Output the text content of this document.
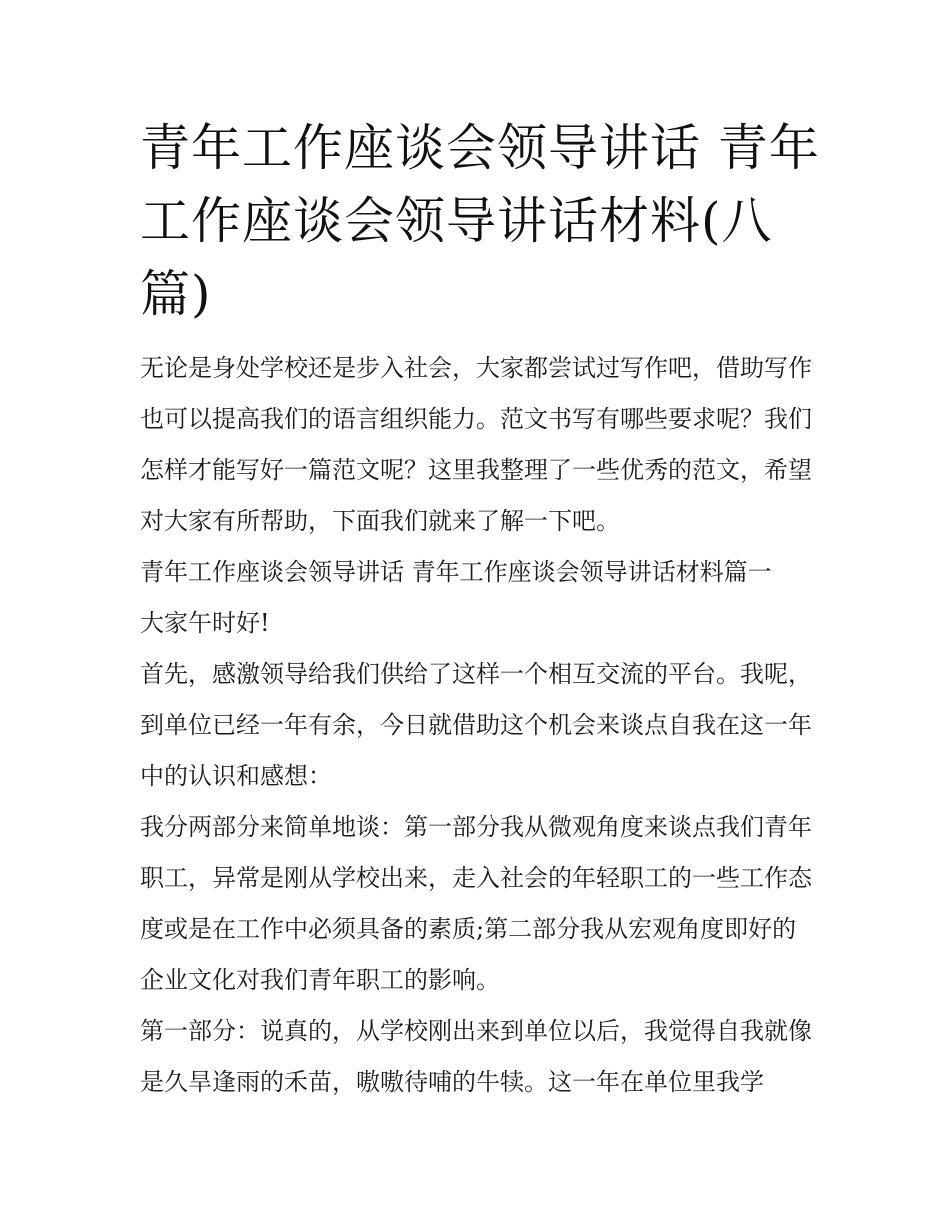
青年工作座谈会领导讲话 青年工作座谈会领导讲话材料(八篇)

无论是身处学校还是步入社会，大家都尝试过写作吧，借助写作也可以提高我们的语言组织能力。范文书写有哪些要求呢？我们怎样才能写好一篇范文呢？这里我整理了一些优秀的范文，希望对大家有所帮助，下面我们就来了解一下吧。

青年工作座谈会领导讲话 青年工作座谈会领导讲话材料篇一

大家午时好!

首先，感激领导给我们供给了这样一个相互交流的平台。我呢，到单位已经一年有余，今日就借助这个机会来谈点自我在这一年中的认识和感想：

我分两部分来简单地谈：第一部分我从微观角度来谈点我们青年职工，异常是刚从学校出来，走入社会的年轻职工的一些工作态度或是在工作中必须具备的素质;第二部分我从宏观角度即好的企业文化对我们青年职工的影响。

第一部分：说真的，从学校刚出来到单位以后，我觉得自我就像是久旱逢雨的禾苗，嗷嗷待哺的牛犊。这一年在单位里我学
